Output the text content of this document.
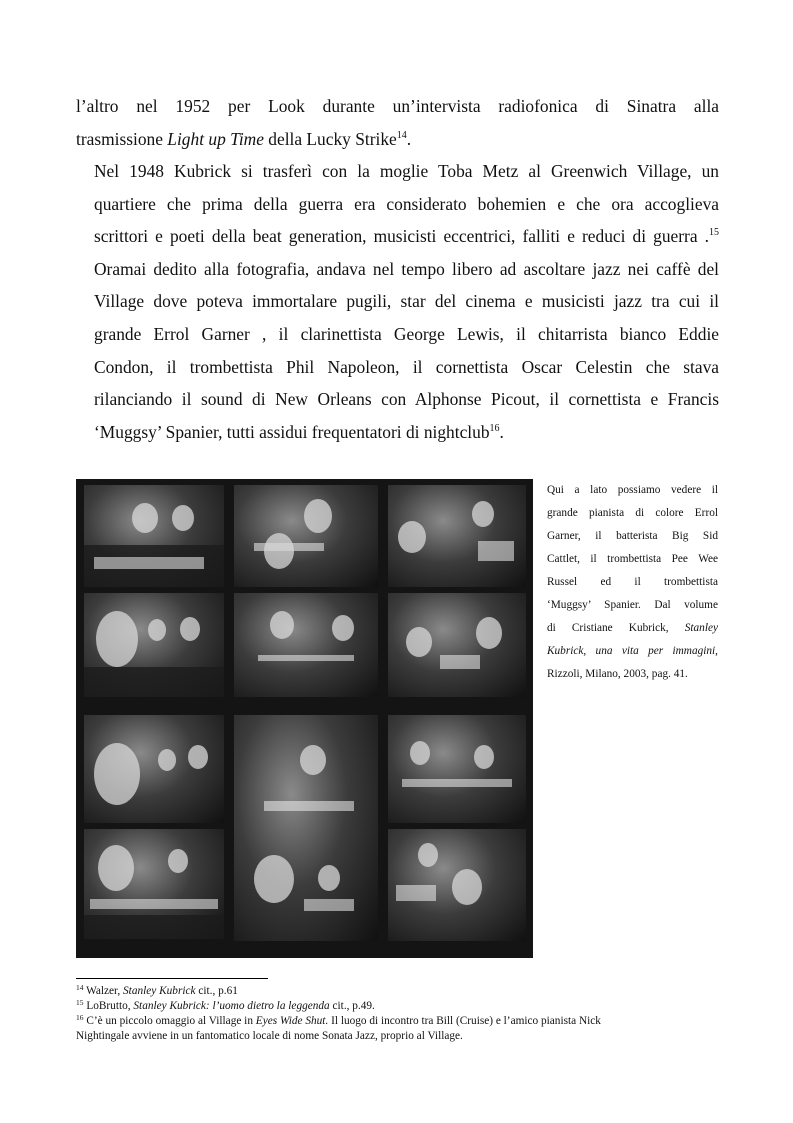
l’altro nel 1952 per Look durante un’intervista radiofonica di Sinatra alla
trasmissione Light up Time della Lucky Strike$^{14}$.

Nel 1948 Kubrick si trasferì con la moglie Toba Metz al Greenwich Village, un
quartiere che prima della guerra era considerato bohemien e che ora accoglieva
scrittori e poeti della beat generation, musicisti eccentrici, falliti e reduci di guerra .$^{15}$
Oramai dedito alla fotografia, andava nel tempo libero ad ascoltare jazz nei caffè del
Village dove poteva immortalare pugili, star del cinema e musicisti jazz tra cui il
grande Errol Garner , il clarinettista George Lewis, il chitarrista bianco Eddie
Condon, il trombettista Phil Napoleon, il cornettista Oscar Celestin che stava
rilanciando il sound di New Orleans con Alphonse Picout, il cornettista e Francis
‘Muggsy’ Spanier, tutti assidui frequentatori di nightclub$^{16}$.

Qui a lato possiamo vedere il
grande pianista di colore Errol
Garner, il batterista Big Sid
Cattlet, il trombettista Pee Wee
Russel ed il trombettista
‘Muggsy’ Spanier. Dal volume
di Cristiane Kubrick, Stanley
Kubrick, una vita per immagini,
Rizzoli, Milano, 2003, pag. 41.

$^{14}$ Walzer, Stanley Kubrick cit., p.61
$^{15}$ LoBrutto, Stanley Kubrick: l’uomo dietro la leggenda cit., p.49.
$^{16}$ C’è un piccolo omaggio al Village in Eyes Wide Shut. Il luogo di incontro tra Bill (Cruise) e l’amico pianista Nick
Nightingale avviene in un fantomatico locale di nome Sonata Jazz, proprio al Village.
